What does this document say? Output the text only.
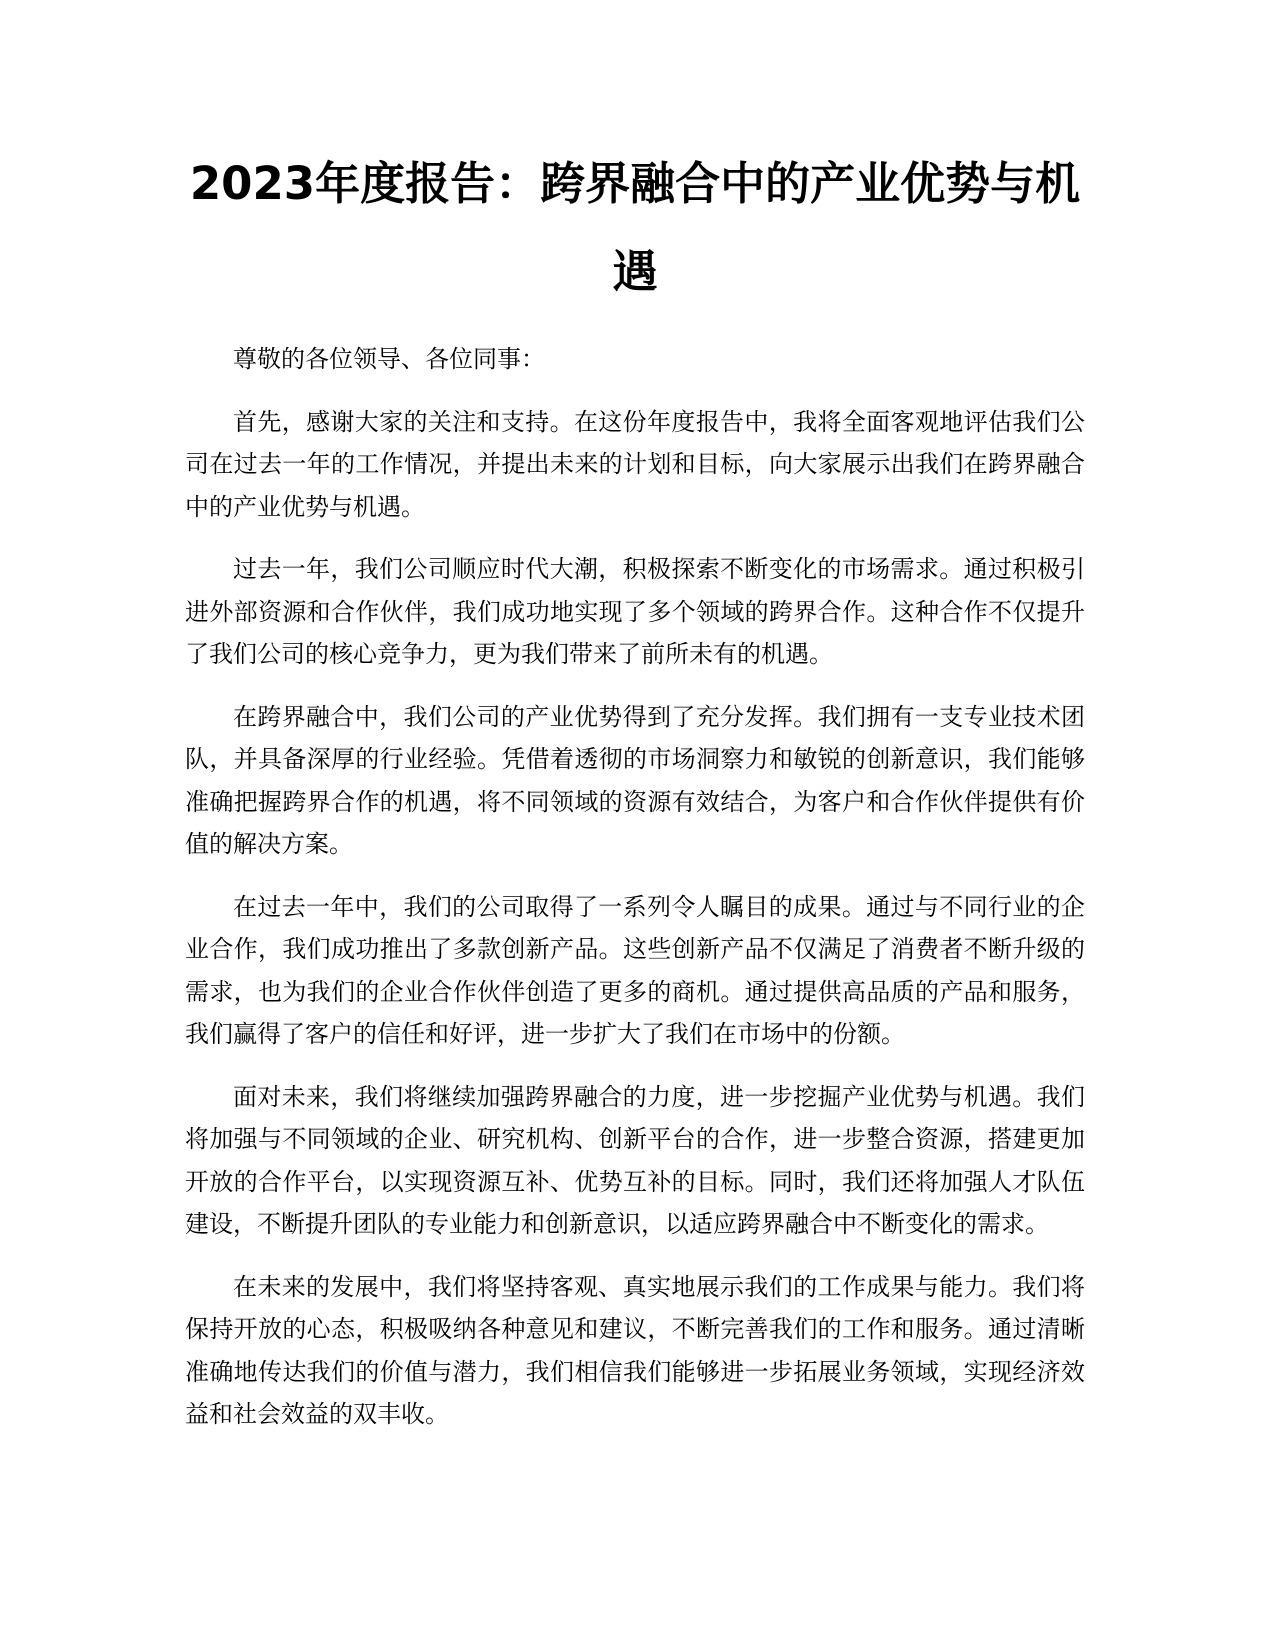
2023年度报告：跨界融合中的产业优势与机
遇

尊敬的各位领导、各位同事：

首先，感谢大家的关注和支持。在这份年度报告中，我将全面客观地评估我们公司在过去一年的工作情况，并提出未来的计划和目标，向大家展示出我们在跨界融合中的产业优势与机遇。

过去一年，我们公司顺应时代大潮，积极探索不断变化的市场需求。通过积极引进外部资源和合作伙伴，我们成功地实现了多个领域的跨界合作。这种合作不仅提升了我们公司的核心竞争力，更为我们带来了前所未有的机遇。

在跨界融合中，我们公司的产业优势得到了充分发挥。我们拥有一支专业技术团队，并具备深厚的行业经验。凭借着透彻的市场洞察力和敏锐的创新意识，我们能够准确把握跨界合作的机遇，将不同领域的资源有效结合，为客户和合作伙伴提供有价值的解决方案。

在过去一年中，我们的公司取得了一系列令人瞩目的成果。通过与不同行业的企业合作，我们成功推出了多款创新产品。这些创新产品不仅满足了消费者不断升级的需求，也为我们的企业合作伙伴创造了更多的商机。通过提供高品质的产品和服务，我们赢得了客户的信任和好评，进一步扩大了我们在市场中的份额。

面对未来，我们将继续加强跨界融合的力度，进一步挖掘产业优势与机遇。我们将加强与不同领域的企业、研究机构、创新平台的合作，进一步整合资源，搭建更加开放的合作平台，以实现资源互补、优势互补的目标。同时，我们还将加强人才队伍建设，不断提升团队的专业能力和创新意识，以适应跨界融合中不断变化的需求。

在未来的发展中，我们将坚持客观、真实地展示我们的工作成果与能力。我们将保持开放的心态，积极吸纳各种意见和建议，不断完善我们的工作和服务。通过清晰准确地传达我们的价值与潜力，我们相信我们能够进一步拓展业务领域，实现经济效益和社会效益的双丰收。
